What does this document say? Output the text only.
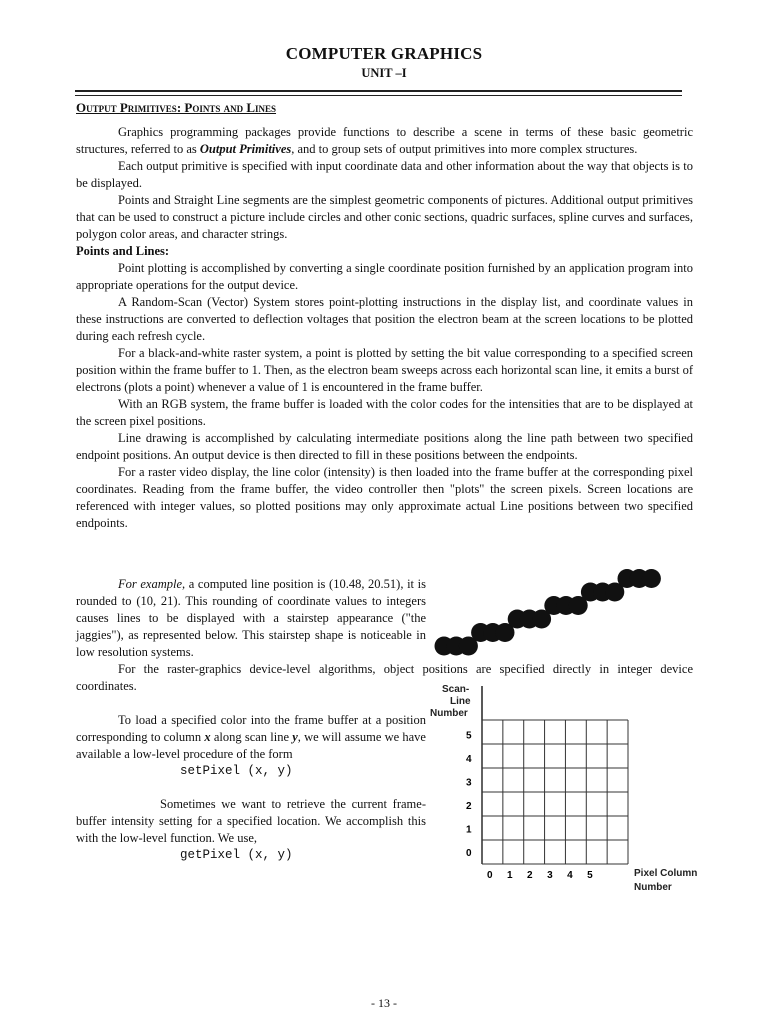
COMPUTER GRAPHICS
UNIT –I
Output Primitives: Points and Lines

Graphics programming packages provide functions to describe a scene in terms of these basic geometric structures, referred to as Output Primitives, and to group sets of output primitives into more complex structures.

Each output primitive is specified with input coordinate data and other information about the way that objects is to be displayed.

Points and Straight Line segments are the simplest geometric components of pictures. Additional output primitives that can be used to construct a picture include circles and other conic sections, quadric surfaces, spline curves and surfaces, polygon color areas, and character strings.

Points and Lines:

Point plotting is accomplished by converting a single coordinate position furnished by an application program into appropriate operations for the output device.

A Random-Scan (Vector) System stores point-plotting instructions in the display list, and coordinate values in these instructions are converted to deflection voltages that position the electron beam at the screen locations to be plotted during each refresh cycle.

For a black-and-white raster system, a point is plotted by setting the bit value corresponding to a specified screen position within the frame buffer to 1. Then, as the electron beam sweeps across each horizontal scan line, it emits a burst of electrons (plots a point) whenever a value of 1 is encountered in the frame buffer.

With an RGB system, the frame buffer is loaded with the color codes for the intensities that are to be displayed at the screen pixel positions.

Line drawing is accomplished by calculating intermediate positions along the line path between two specified endpoint positions. An output device is then directed to fill in these positions between the endpoints.

For a raster video display, the line color (intensity) is then loaded into the frame buffer at the corresponding pixel coordinates. Reading from the frame buffer, the video controller then "plots" the screen pixels. Screen locations are referenced with integer values, so plotted positions may only approximate actual Line positions between two specified endpoints.

For example, a computed line position is (10.48, 20.51), it is rounded to (10, 21). This rounding of coordinate values to integers causes lines to be displayed with a stairstep appearance ("the jaggies"), as represented below. This stairstep shape is noticeable in low resolution systems.

For the raster-graphics device-level algorithms, object positions are specified directly in integer device coordinates.

To load a specified color into the frame buffer at a position corresponding to column x along scan line y, we will assume we have available a low-level procedure of the form

setPixel (x, y)

Sometimes we want to retrieve the current frame-buffer intensity setting for a specified location. We accomplish this with the low-level function. We use,

getPixel (x, y)
Scan- Line Number
0
1
2
3
4
5
0 1 2 3 4 5	Pixel Column Number
- 13 -
